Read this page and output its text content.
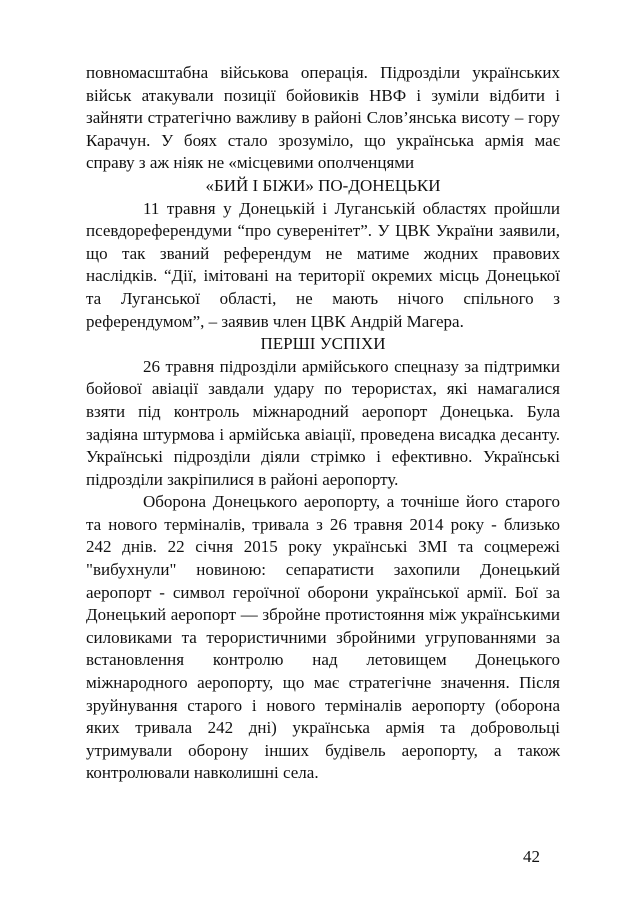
повномасштабна військова операція. Підрозділи українських військ атакували позиції бойовиків НВФ і зуміли відбити і зайняти стратегічно важливу в районі Слов’янська висоту – гору Карачун. У боях стало зрозуміло, що українська армія має справу з аж ніяк не «місцевими ополченцями

«БИЙ І БІЖИ» ПО-ДОНЕЦЬКИ

11 травня у Донецькій і Луганській областях пройшли псевдореферендуми “про суверенітет”. У ЦВК України заявили, що так званий референдум не матиме жодних правових наслідків. “Дії, імітовані на території окремих місць Донецької та Луганської області, не мають нічого спільного з референдумом”, – заявив член ЦВК Андрій Магера.

ПЕРШІ УСПІХИ

26 травня підрозділи армійського спецназу за підтримки бойової авіації завдали удару по терористах, які намагалися взяти під контроль міжнародний аеропорт Донецька. Була задіяна штурмова і армійська авіації, проведена висадка десанту. Українські підрозділи діяли стрімко і ефективно. Українські підрозділи закріпилися в районі аеропорту.

Оборона Донецького аеропорту, а точніше його старого та нового терміналів, тривала з 26 травня 2014 року - близько 242 днів. 22 січня 2015 року українські ЗМІ та соцмережі "вибухнули" новиною: сепаратисти захопили Донецький аеропорт - символ героїчної оборони української армії. Бої за Донецький аеропорт — збройне протистояння між українськими силовиками та терористичними збройними угрупованнями за встановлення контролю над летовищем Донецького міжнародного аеропорту, що має стратегічне значення. Після зруйнування старого і нового терміналів аеропорту (оборона яких тривала 242 дні) українська армія та добровольці утримували оборону інших будівель аеропорту, а також контролювали навколишні села.

42
